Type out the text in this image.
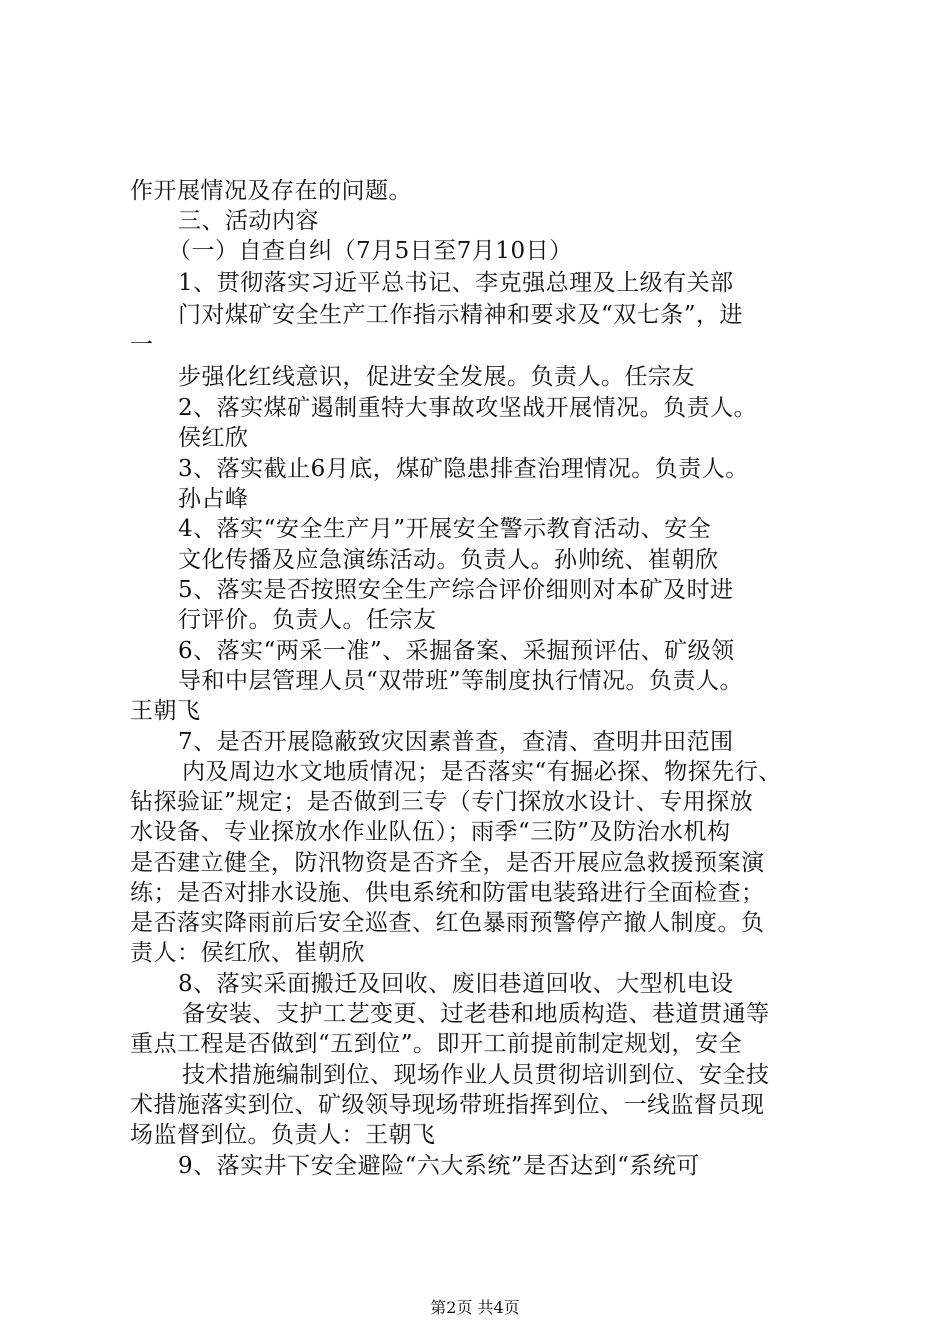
作开展情况及存在的问题。
三、活动内容
（一）自查自纠（7月5日至7月10日）
1、贯彻落实习近平总书记、李克强总理及上级有关部
门对煤矿安全生产工作指示精神和要求及“双七条”，进
一
步强化红线意识，促进安全发展。负责人。任宗友
2、落实煤矿遏制重特大事故攻坚战开展情况。负责人。
侯红欣
3、落实截止6月底，煤矿隐患排查治理情况。负责人。
孙占峰
4、落实“安全生产月”开展安全警示教育活动、安全
文化传播及应急演练活动。负责人。孙帅统、崔朝欣
5、落实是否按照安全生产综合评价细则对本矿及时进
行评价。负责人。任宗友
6、落实“两采一准”、采掘备案、采掘预评估、矿级领
导和中层管理人员“双带班”等制度执行情况。负责人。
王朝飞
7、是否开展隐蔽致灾因素普查，查清、查明井田范围
内及周边水文地质情况；是否落实“有掘必探、物探先行、
钻探验证”规定；是否做到三专（专门探放水设计、专用探放
水设备、专业探放水作业队伍）；雨季“三防”及防治水机构
是否建立健全，防汛物资是否齐全，是否开展应急救援预案演
练；是否对排水设施、供电系统和防雷电装臵进行全面检查；
是否落实降雨前后安全巡查、红色暴雨预警停产撤人制度。负
责人：侯红欣、崔朝欣
8、落实采面搬迁及回收、废旧巷道回收、大型机电设
备安装、支护工艺变更、过老巷和地质构造、巷道贯通等
重点工程是否做到“五到位”。即开工前提前制定规划，安全
技术措施编制到位、现场作业人员贯彻培训到位、安全技
术措施落实到位、矿级领导现场带班指挥到位、一线监督员现
场监督到位。负责人：王朝飞
9、落实井下安全避险“六大系统”是否达到“系统可
第2页 共4页
